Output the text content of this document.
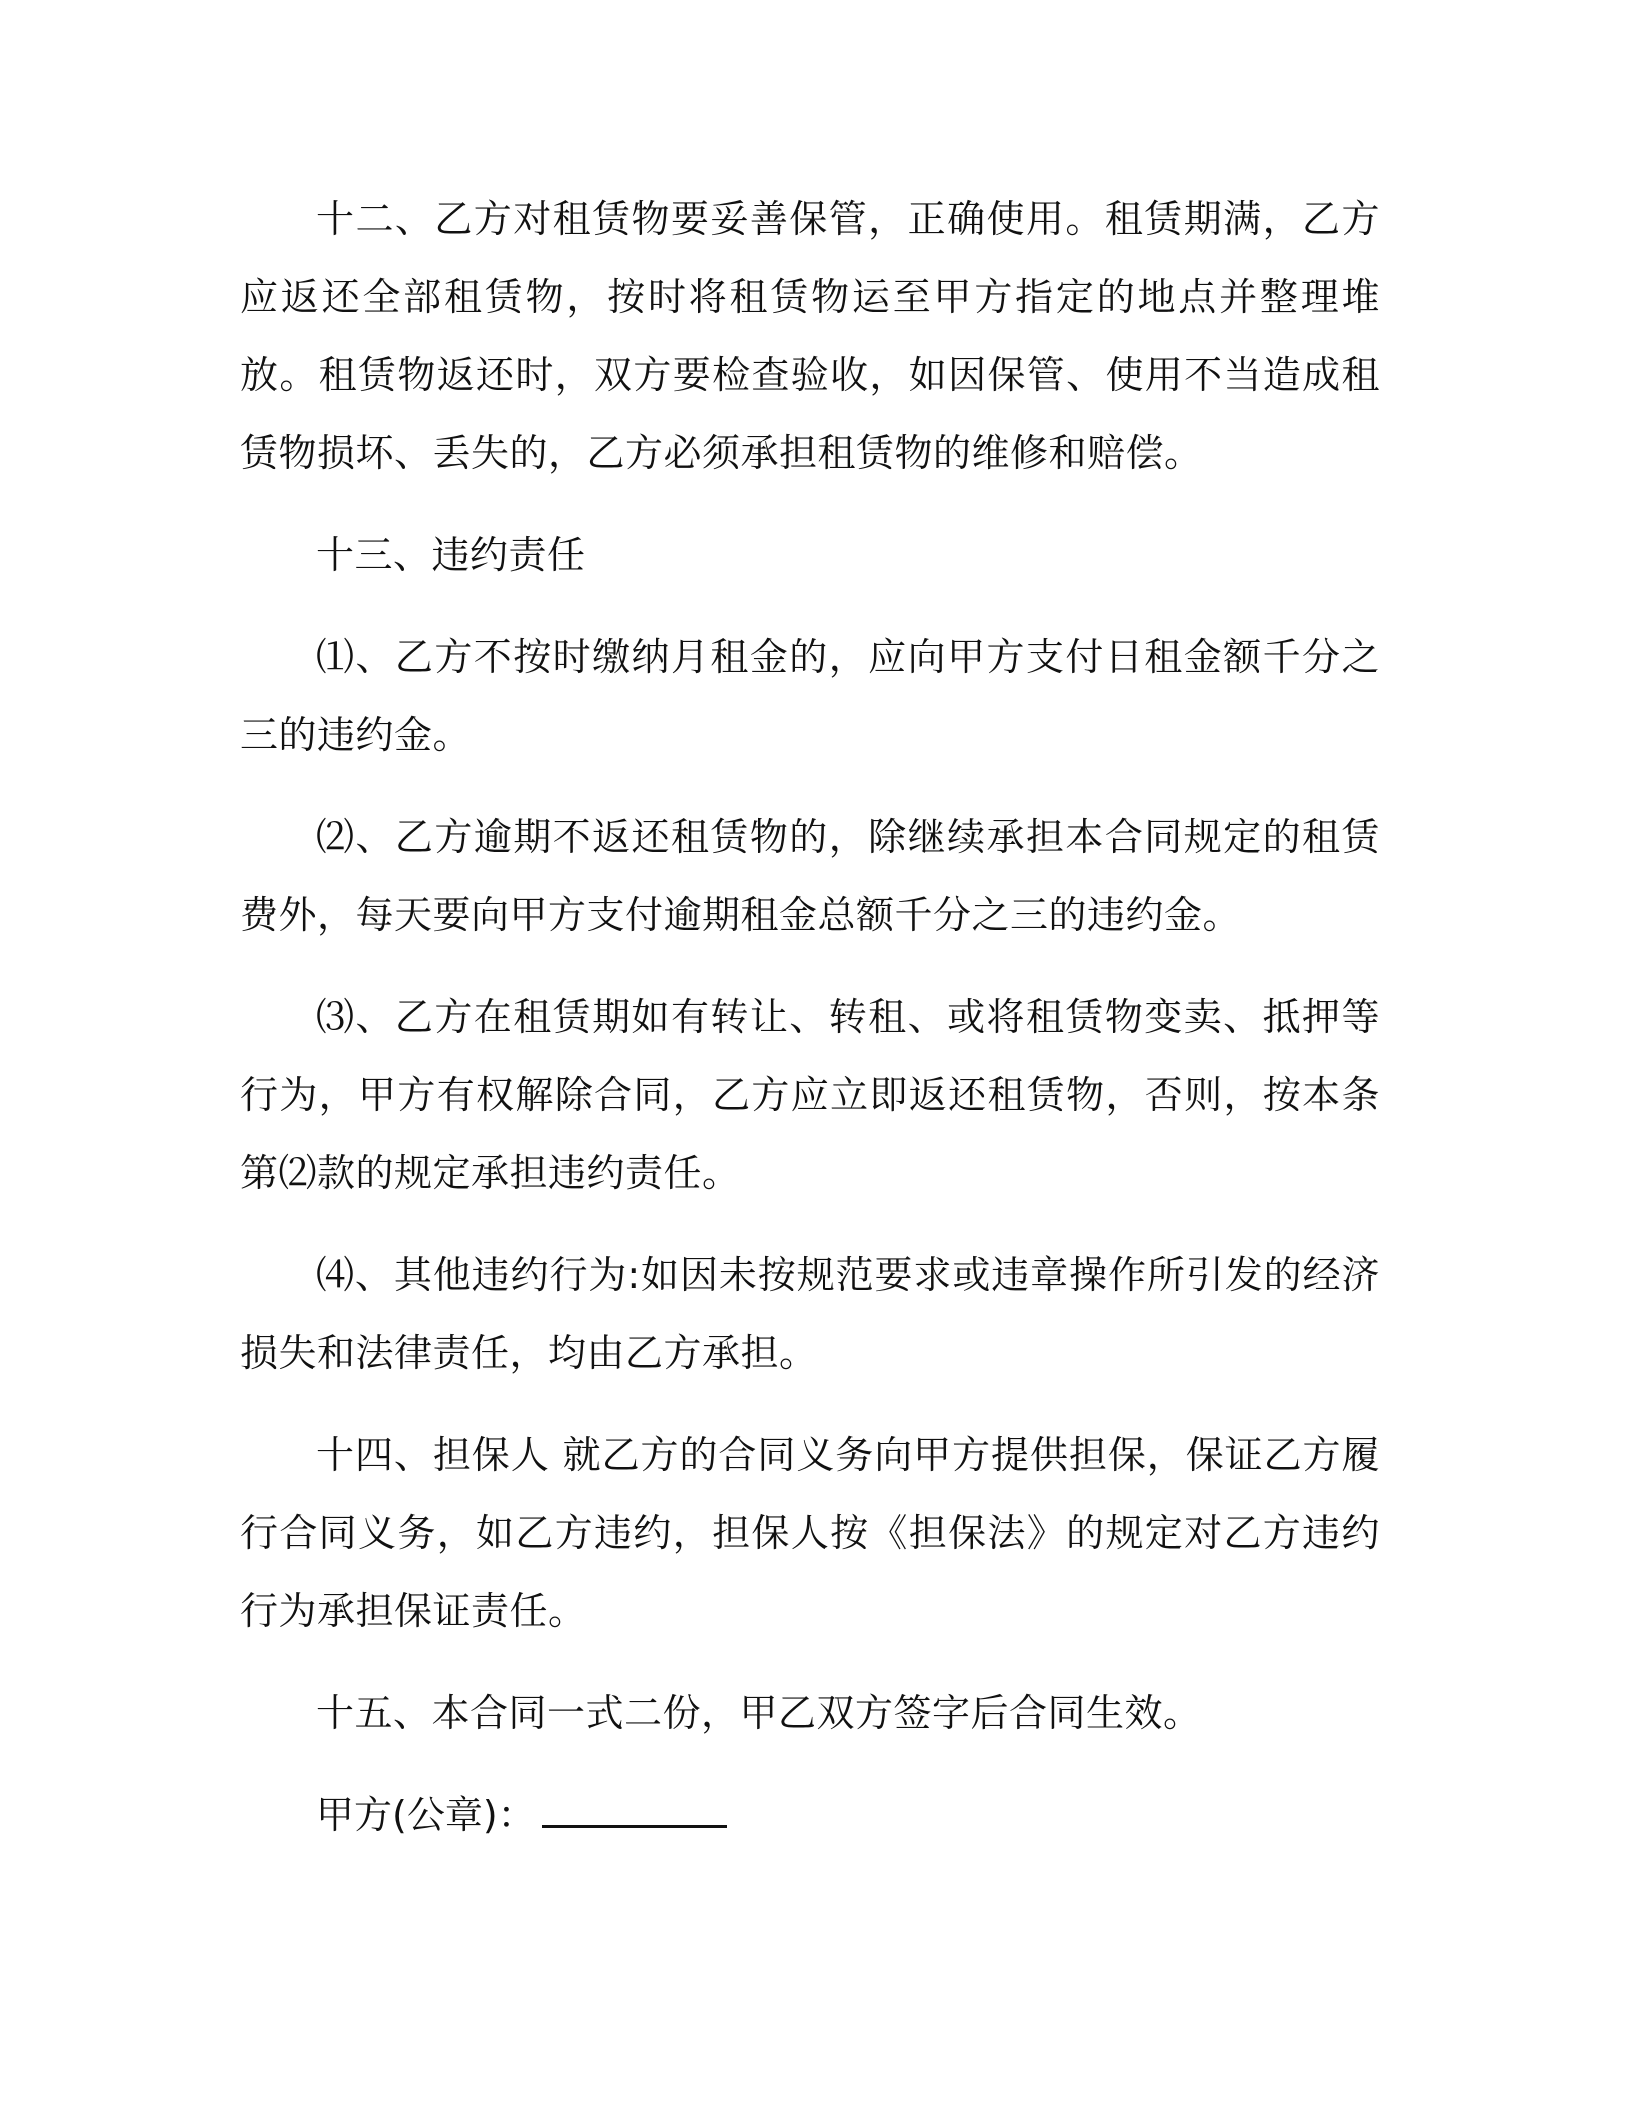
十二、乙方对租赁物要妥善保管，正确使用。租赁期满，乙方应返还全部租赁物，按时将租赁物运至甲方指定的地点并整理堆放。租赁物返还时，双方要检查验收，如因保管、使用不当造成租赁物损坏、丢失的，乙方必须承担租赁物的维修和赔偿。

十三、违约责任

⑴、乙方不按时缴纳月租金的，应向甲方支付日租金额千分之三的违约金。

⑵、乙方逾期不返还租赁物的，除继续承担本合同规定的租赁费外，每天要向甲方支付逾期租金总额千分之三的违约金。

⑶、乙方在租赁期如有转让、转租、或将租赁物变卖、抵押等行为，甲方有权解除合同，乙方应立即返还租赁物，否则，按本条第⑵款的规定承担违约责任。

⑷、其他违约行为:如因未按规范要求或违章操作所引发的经济损失和法律责任，均由乙方承担。

十四、担保人 就乙方的合同义务向甲方提供担保，保证乙方履行合同义务，如乙方违约，担保人按《担保法》的规定对乙方违约行为承担保证责任。

十五、本合同一式二份，甲乙双方签字后合同生效。

甲方(公章)：
